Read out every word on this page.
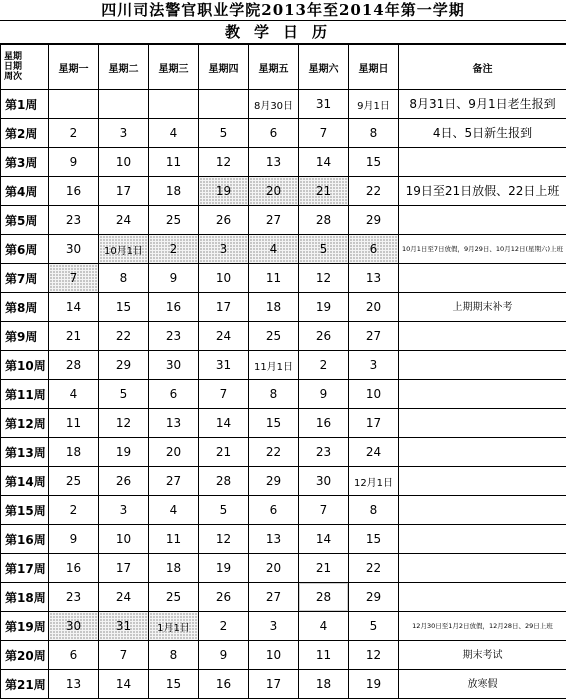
四川司法警官职业学院2013年至2014年第一学期
教学日历
星期
日期
周次	星期一	星期二	星期三	星期四	星期五	星期六	星期日	备注
第1周					8月30日	31	9月1日	8月31日、9月1日老生报到
第2周	2	3	4	5	6	7	8	4日、5日新生报到
第3周	9	10	11	12	13	14	15	
第4周	16	17	18	19	20	21	22	19日至21日放假、22日上班
第5周	23	24	25	26	27	28	29	
第6周	30	10月1日	2	3	4	5	6	10月1日至7日放假，9月29日、10月12日(星期六)上班
第7周	7	8	9	10	11	12	13	
第8周	14	15	16	17	18	19	20	上期期末补考
第9周	21	22	23	24	25	26	27	
第10周	28	29	30	31	11月1日	2	3	
第11周	4	5	6	7	8	9	10	
第12周	11	12	13	14	15	16	17	
第13周	18	19	20	21	22	23	24	
第14周	25	26	27	28	29	30	12月1日	
第15周	2	3	4	5	6	7	8	
第16周	9	10	11	12	13	14	15	
第17周	16	17	18	19	20	21	22	
第18周	23	24	25	26	27	28	29	
第19周	30	31	1月1日	2	3	4	5	12月30日至1月2日放假，12月28日、29日上班
第20周	6	7	8	9	10	11	12	期末考试
第21周	13	14	15	16	17	18	19	放寒假
